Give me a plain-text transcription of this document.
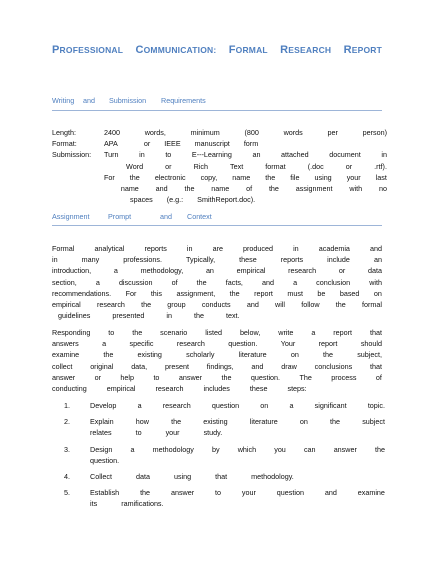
PROFESSIONAL COMMUNICATION: FORMAL RESEARCH REPORT
Writing and Submission Requirements
Length:	2400	words,	minimum	(800	words	per	person)
Format:	APA	or IEEE manuscript form
Submission: Turn	in	to	E---Learning	an	attached	document	in
Word	or	Rich	Text	format	(.doc	or	.rtf).
For the electronic copy, name the file using your last
name and the name of the assignment with no
spaces (e.g.: SmithReport.doc).
Assignment	Prompt	and Context
Formal	analytical	reports	in	are	produced	in	academia	and
in	many	professions.	Typically,	these	reports	include	an
introduction,	a	methodology,	an	empirical	research	or	data
section,	a	discussion	of	the	facts,	and	a	conclusion	with
recommendations. For this assignment, the report must be based on
empirical research the group conducts and will follow the formal
guidelines	presented	in	the	text.
Responding to the scenario listed below, write a report that
answers	a	specific	research	question.	Your	report	should
examine	the	existing	scholarly	literature	on	the	subject,
collect original data, present findings, and draw conclusions that
answer	or	help	to	answer	the	question.	The	process	of
conducting	empirical	research	includes	these	steps:
1.	Develop	a	research	question	on	a	significant	topic.
2.	Explain	how	the	existing	literature	on	the	subject
relates	to	your	study.
3.	Design	a	methodology	by	which	you	can	answer	the
question.
4.	Collect	data	using	that	methodology.
5.	Establish	the	answer	to	your	question	and	examine
its	ramifications.
